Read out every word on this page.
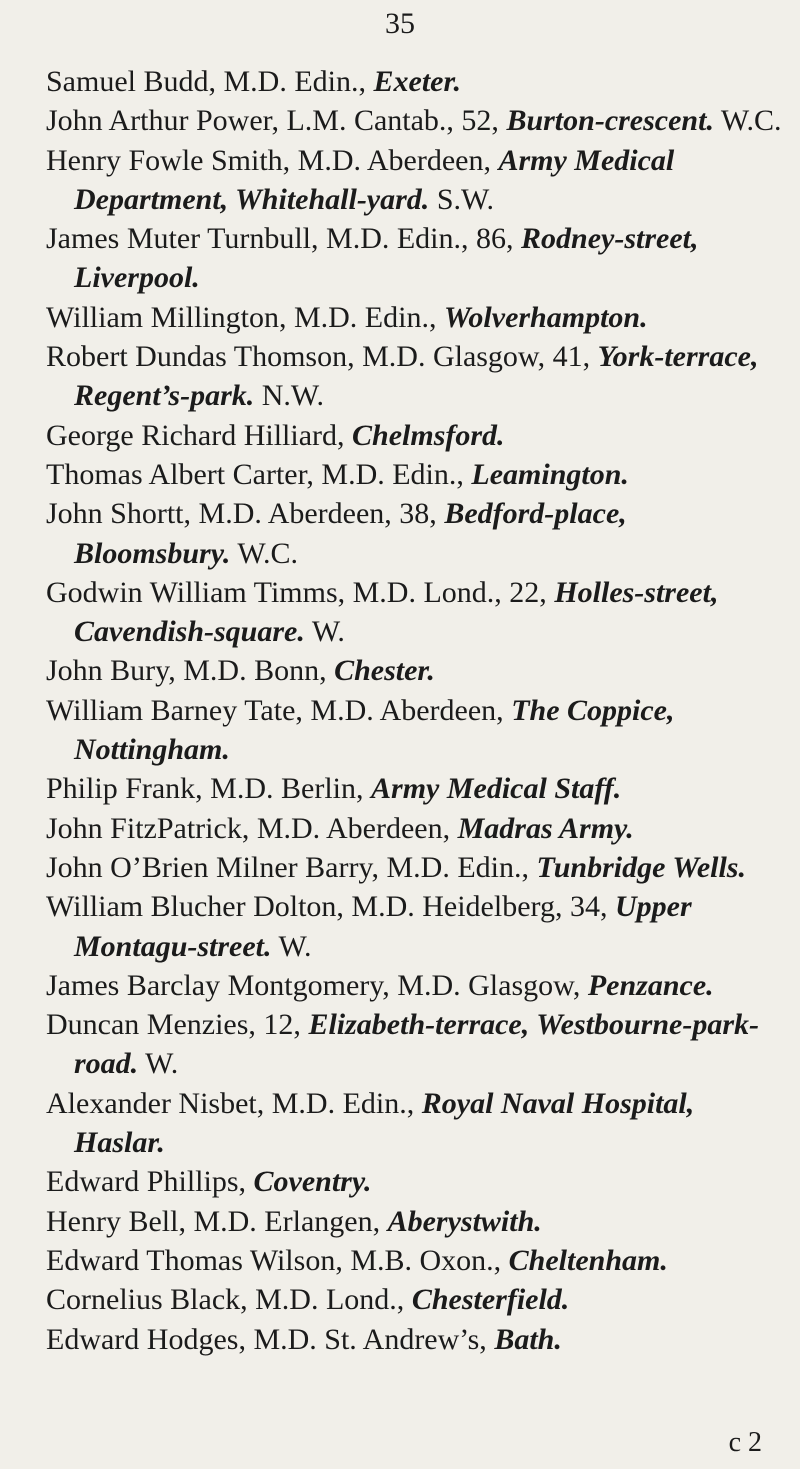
35
Samuel Budd, M.D. Edin., Exeter.
John Arthur Power, L.M. Cantab., 52, Burton-crescent. W.C.
Henry Fowle Smith, M.D. Aberdeen, Army Medical Department, Whitehall-yard. S.W.
James Muter Turnbull, M.D. Edin., 86, Rodney-street, Liverpool.
William Millington, M.D. Edin., Wolverhampton.
Robert Dundas Thomson, M.D. Glasgow, 41, York-terrace, Regent’s-park. N.W.
George Richard Hilliard, Chelmsford.
Thomas Albert Carter, M.D. Edin., Leamington.
John Shortt, M.D. Aberdeen, 38, Bedford-place, Bloomsbury. W.C.
Godwin William Timms, M.D. Lond., 22, Holles-street, Cavendish-square. W.
John Bury, M.D. Bonn, Chester.
William Barney Tate, M.D. Aberdeen, The Coppice, Nottingham.
Philip Frank, M.D. Berlin, Army Medical Staff.
John FitzPatrick, M.D. Aberdeen, Madras Army.
John O’Brien Milner Barry, M.D. Edin., Tunbridge Wells.
William Blucher Dolton, M.D. Heidelberg, 34, Upper Montagu-street. W.
James Barclay Montgomery, M.D. Glasgow, Penzance.
Duncan Menzies, 12, Elizabeth-terrace, Westbourne-park-road. W.
Alexander Nisbet, M.D. Edin., Royal Naval Hospital, Haslar.
Edward Phillips, Coventry.
Henry Bell, M.D. Erlangen, Aberystwith.
Edward Thomas Wilson, M.B. Oxon., Cheltenham.
Cornelius Black, M.D. Lond., Chesterfield.
Edward Hodges, M.D. St. Andrew’s, Bath.
c 2
